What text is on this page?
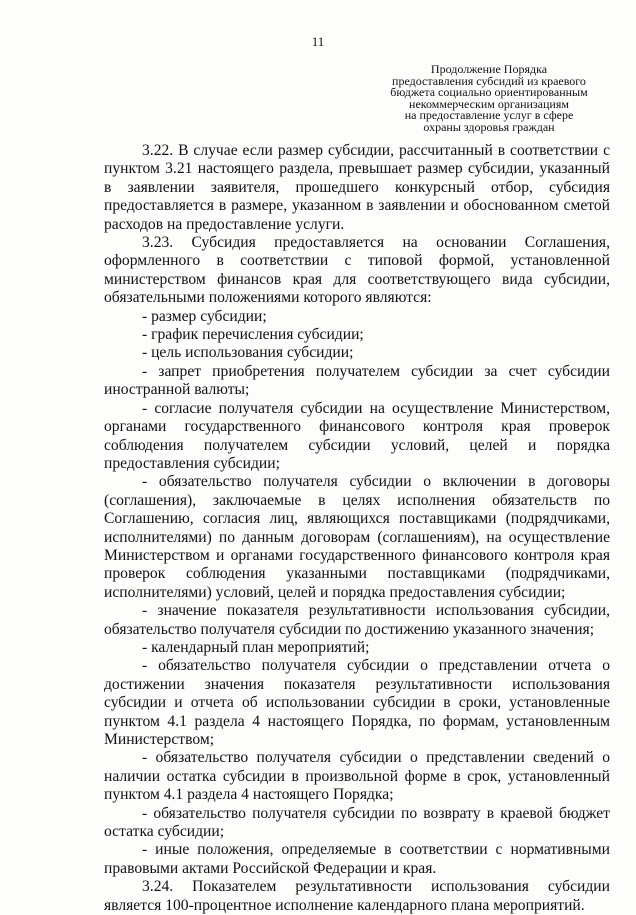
11
Продолжение Порядка
предоставления субсидий из краевого
бюджета социально ориентированным
некоммерческим организациям
на предоставление услуг в сфере
охраны здоровья граждан

3.22. В случае если размер субсидии, рассчитанный в соответствии с пунктом 3.21 настоящего раздела, превышает размер субсидии, указанный в заявлении заявителя, прошедшего конкурсный отбор, субсидия предоставляется в размере, указанном в заявлении и обоснованном сметой расходов на предоставление услуги.

3.23. Субсидия предоставляется на основании Соглашения, оформленного в соответствии с типовой формой, установленной министерством финансов края для соответствующего вида субсидии, обязательными положениями которого являются:

- размер субсидии;

- график перечисления субсидии;

- цель использования субсидии;

- запрет приобретения получателем субсидии за счет субсидии иностранной валюты;

- согласие получателя субсидии на осуществление Министерством, органами государственного финансового контроля края проверок соблюдения получателем субсидии условий, целей и порядка предоставления субсидии;

- обязательство получателя субсидии о включении в договоры (соглашения), заключаемые в целях исполнения обязательств по Соглашению, согласия лиц, являющихся поставщиками (подрядчиками, исполнителями) по данным договорам (соглашениям), на осуществление Министерством и органами государственного финансового контроля края проверок соблюдения указанными поставщиками (подрядчиками, исполнителями) условий, целей и порядка предоставления субсидии;

- значение показателя результативности использования субсидии, обязательство получателя субсидии по достижению указанного значения;

- календарный план мероприятий;

- обязательство получателя субсидии о представлении отчета о достижении значения показателя результативности использования субсидии и отчета об использовании субсидии в сроки, установленные пунктом 4.1 раздела 4 настоящего Порядка, по формам, установленным Министерством;

- обязательство получателя субсидии о представлении сведений о наличии остатка субсидии в произвольной форме в срок, установленный пунктом 4.1 раздела 4 настоящего Порядка;

- обязательство получателя субсидии по возврату в краевой бюджет остатка субсидии;

- иные положения, определяемые в соответствии с нормативными правовыми актами Российской Федерации и края.

3.24. Показателем результативности использования субсидии является 100-процентное исполнение календарного плана мероприятий.
